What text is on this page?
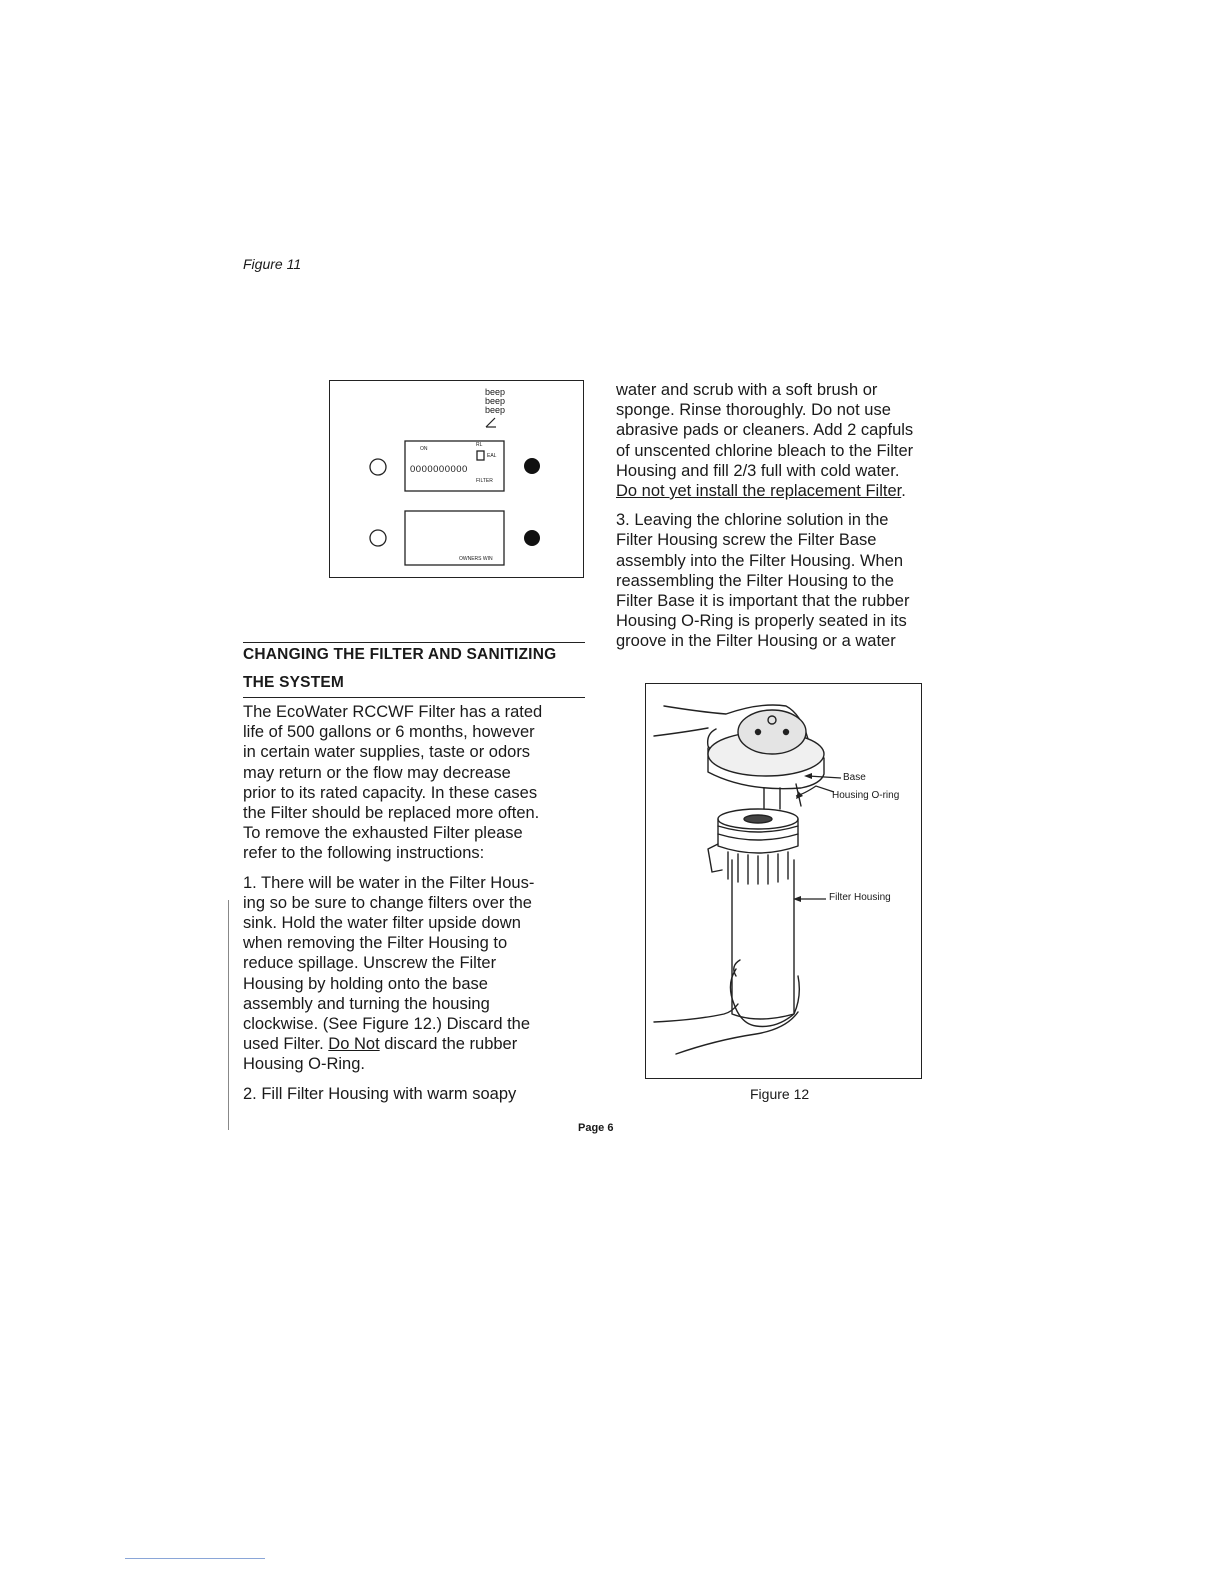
Figure 11
beep
beep
beep
ON
RL
EAL
0000000000
FILTER
OWNERS WIN
CHANGING THE FILTER AND SANITIZING
THE SYSTEM
The EcoWater RCCWF Filter has a rated
life of 500 gallons or 6 months, however
in certain water supplies, taste or odors
may return or the flow may decrease
prior to its rated capacity. In these cases
the Filter should be replaced more often.
To remove the exhausted Filter please
refer to the following instructions:
1. There will be water in the Filter Hous-
ing so be sure to change filters over the
sink. Hold the water filter upside down
when removing the Filter Housing to
reduce spillage. Unscrew the Filter
Housing by holding onto the base
assembly and turning the housing
clockwise. (See Figure 12.) Discard the
used Filter. Do Not discard the rubber
Housing O-Ring.
2. Fill Filter Housing with warm soapy
water and scrub with a soft brush or
sponge. Rinse thoroughly. Do not use
abrasive pads or cleaners. Add 2 capfuls
of unscented chlorine bleach to the Filter
Housing and fill 2/3 full with cold water.
Do not yet install the replacement Filter.
3. Leaving the chlorine solution in the
Filter Housing screw the Filter Base
assembly into the Filter Housing. When
reassembling the Filter Housing to the
Filter Base it is important that the rubber
Housing O-Ring is properly seated in its
groove in the Filter Housing or a water
Base
Housing O-ring
Filter Housing
Figure 12
Page 6
